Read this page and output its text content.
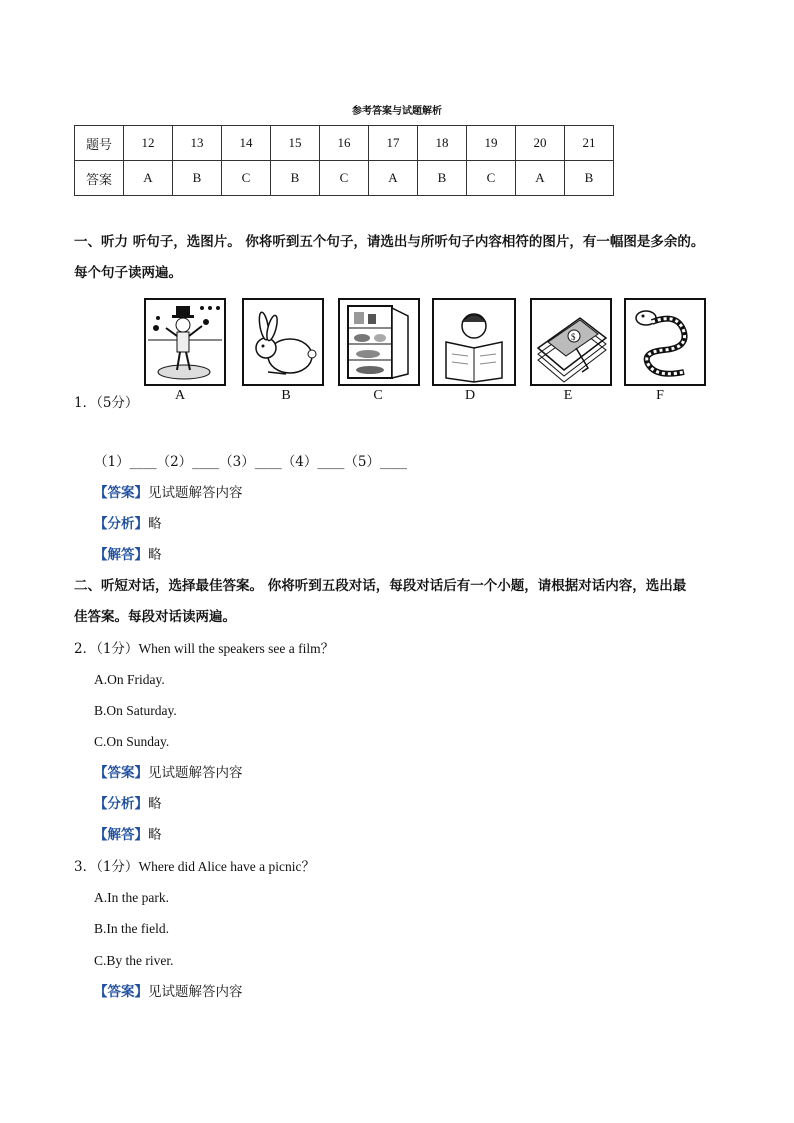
参考答案与试题解析
题号	12	13	14	15	16	17	18	19	20	21
答案	A	B	C	B	C	A	B	C	A	B
一、听力 听句子，选图片。 你将听到五个句子，请选出与所听句子内容相符的图片，有一幅图是多余的。
每个句子读两遍。
$
A	B	C	D	E	F
1．（5分）
（1）____（2）____（3）____（4）____（5）____
【答案】见试题解答内容
【分析】略
【解答】略
二、听短对话，选择最佳答案。 你将听到五段对话，每段对话后有一个小题，请根据对话内容，选出最
佳答案。每段对话读两遍。
2．（1分）When will the speakers see a film？
A.On Friday.
B.On Saturday.
C.On Sunday.
【答案】见试题解答内容
【分析】略
【解答】略
3．（1分）Where did Alice have a picnic？
A.In the park.
B.In the field.
C.By the river.
【答案】见试题解答内容
